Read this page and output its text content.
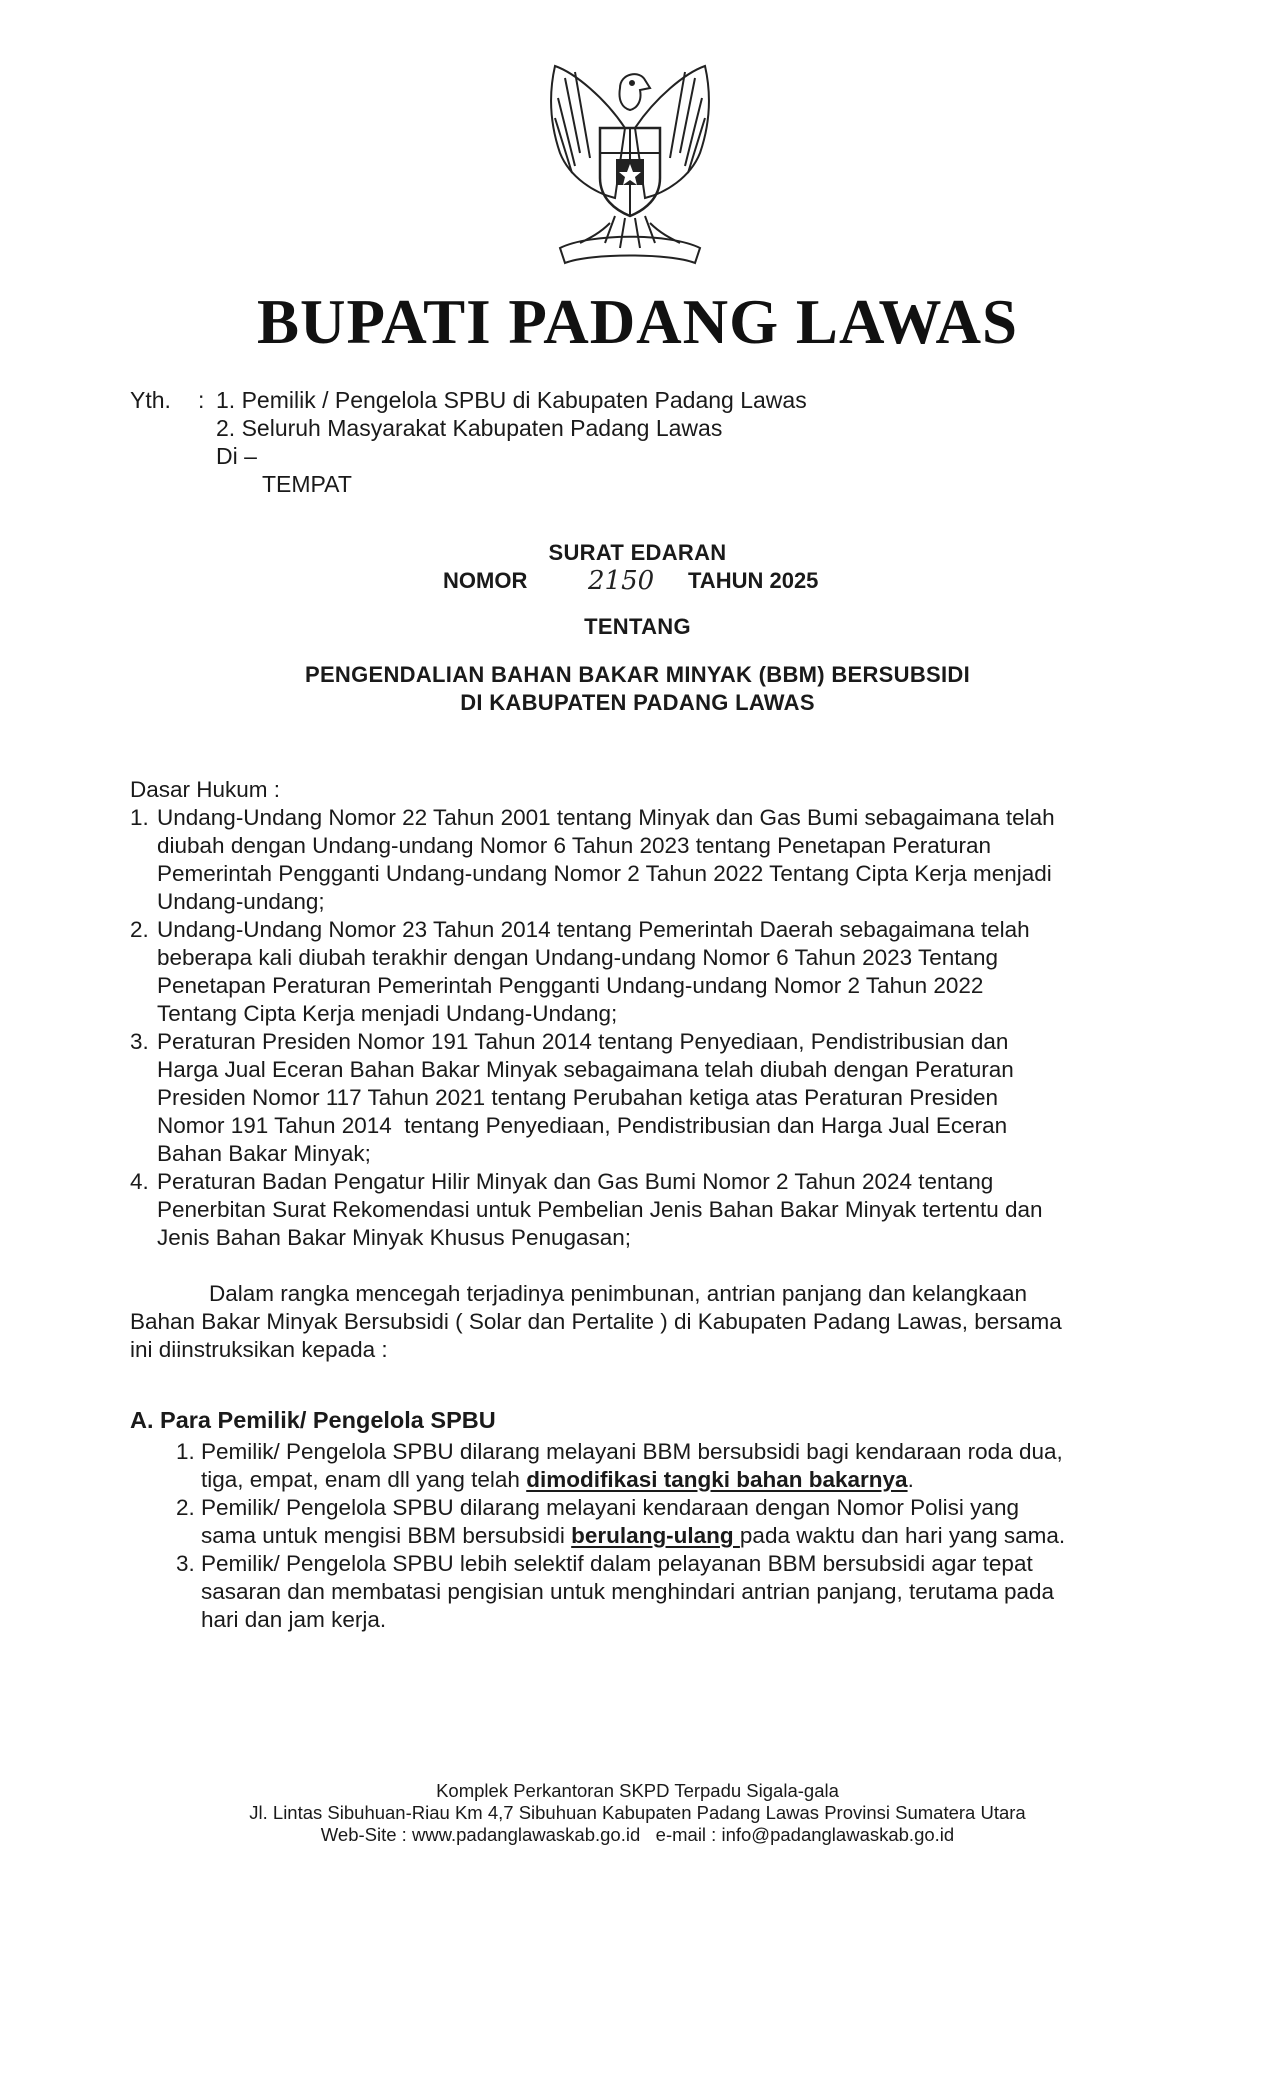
BUPATI PADANG LAWAS
Yth. : 1. Pemilik / Pengelola SPBU di Kabupaten Padang Lawas
2. Seluruh Masyarakat Kabupaten Padang Lawas
Di –
TEMPAT
SURAT EDARAN
NOMOR 2150 TAHUN 2025
TENTANG
PENGENDALIAN BAHAN BAKAR MINYAK (BBM) BERSUBSIDI
DI KABUPATEN PADANG LAWAS
Dasar Hukum :
1. Undang-Undang Nomor 22 Tahun 2001 tentang Minyak dan Gas Bumi sebagaimana telah
diubah dengan Undang-undang Nomor 6 Tahun 2023 tentang Penetapan Peraturan
Pemerintah Pengganti Undang-undang Nomor 2 Tahun 2022 Tentang Cipta Kerja menjadi
Undang-undang;
2. Undang-Undang Nomor 23 Tahun 2014 tentang Pemerintah Daerah sebagaimana telah
beberapa kali diubah terakhir dengan Undang-undang Nomor 6 Tahun 2023 Tentang
Penetapan Peraturan Pemerintah Pengganti Undang-undang Nomor 2 Tahun 2022
Tentang Cipta Kerja menjadi Undang-Undang;
3. Peraturan Presiden Nomor 191 Tahun 2014 tentang Penyediaan, Pendistribusian dan
Harga Jual Eceran Bahan Bakar Minyak sebagaimana telah diubah dengan Peraturan
Presiden Nomor 117 Tahun 2021 tentang Perubahan ketiga atas Peraturan Presiden
Nomor 191 Tahun 2014  tentang Penyediaan, Pendistribusian dan Harga Jual Eceran
Bahan Bakar Minyak;
4. Peraturan Badan Pengatur Hilir Minyak dan Gas Bumi Nomor 2 Tahun 2024 tentang
Penerbitan Surat Rekomendasi untuk Pembelian Jenis Bahan Bakar Minyak tertentu dan
Jenis Bahan Bakar Minyak Khusus Penugasan;
Dalam rangka mencegah terjadinya penimbunan, antrian panjang dan kelangkaan
Bahan Bakar Minyak Bersubsidi ( Solar dan Pertalite ) di Kabupaten Padang Lawas, bersama
ini diinstruksikan kepada :
A. Para Pemilik/ Pengelola SPBU
1. Pemilik/ Pengelola SPBU dilarang melayani BBM bersubsidi bagi kendaraan roda dua,
tiga, empat, enam dll yang telah dimodifikasi tangki bahan bakarnya.
2. Pemilik/ Pengelola SPBU dilarang melayani kendaraan dengan Nomor Polisi yang
sama untuk mengisi BBM bersubsidi berulang-ulang pada waktu dan hari yang sama.
3. Pemilik/ Pengelola SPBU lebih selektif dalam pelayanan BBM bersubsidi agar tepat
sasaran dan membatasi pengisian untuk menghindari antrian panjang, terutama pada
hari dan jam kerja.
Komplek Perkantoran SKPD Terpadu Sigala-gala
Jl. Lintas Sibuhuan-Riau Km 4,7 Sibuhuan Kabupaten Padang Lawas Provinsi Sumatera Utara
Web-Site : www.padanglawaskab.go.id   e-mail : info@padanglawaskab.go.id
